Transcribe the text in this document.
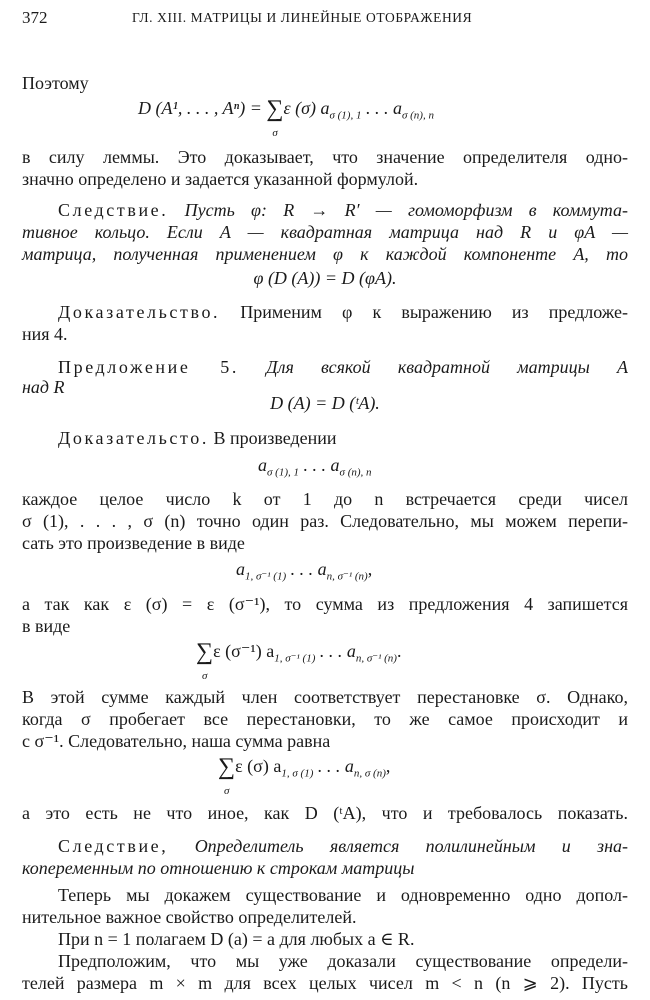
372	ГЛ. XIII. МАТРИЦЫ И ЛИНЕЙНЫЕ ОТОБРАЖЕНИЯ
Поэтому
D (A¹, . . . , Aⁿ) = ∑
σ
ε (σ) $a_{\sigma (1), 1}$ . . . $a_{\sigma (n), n}$
в силу леммы. Это доказывает, что значение определителя одно-
значно определено и задается указанной формулой.
Следствие. Пусть φ: R → R′ — гомоморфизм в коммута-
тивное кольцо. Если A — квадратная матрица над R и φA —
матрица, полученная применением φ к каждой компоненте A, то
φ (D (A)) = D (φA).
Доказательство. Применим φ к выражению из предложе-
ния 4.
Предложение 5. Для всякой квадратной матрицы A
над R
D (A) = D (ᵗA).
Доказательсто. В произведении
$a_{\sigma (1), 1}$ . . . $a_{\sigma (n), n}$
каждое целое число k от 1 до n встречается среди чисел
σ (1), . . . , σ (n) точно один раз. Следовательно, мы можем перепи-
сать это произведение в виде
$a_{1, \sigma^{-1} (1)}$ . . . $a_{n, \sigma^{-1} (n)}$,
а так как ε (σ) = ε (σ⁻¹), то сумма из предложения 4 запишется
в виде
∑
σ
ε (σ⁻¹) $a_{1, \sigma^{-1} (1)}$ . . . $a_{n, \sigma^{-1} (n)}$.
В этой сумме каждый член соответствует перестановке σ. Однако,
когда σ пробегает все перестановки, то же самое происходит и
с σ⁻¹. Следовательно, наша сумма равна
∑
σ
ε (σ) $a_{1, \sigma (1)}$ . . . $a_{n, \sigma (n)}$,
а это есть не что иное, как D (ᵗA), что и требовалось показать.
Следствие, Определитель является полилинейным и зна-
копеременным по отношению к строкам матрицы
Теперь мы докажем существование и одновременно одно допол-
нительное важное свойство определителей.
При n = 1 полагаем D (a) = a для любых a ∈ R.
Предположим, что мы уже доказали существование определи-
телей размера m × m для всех целых чисел m < n (n ⩾ 2). Пусть
